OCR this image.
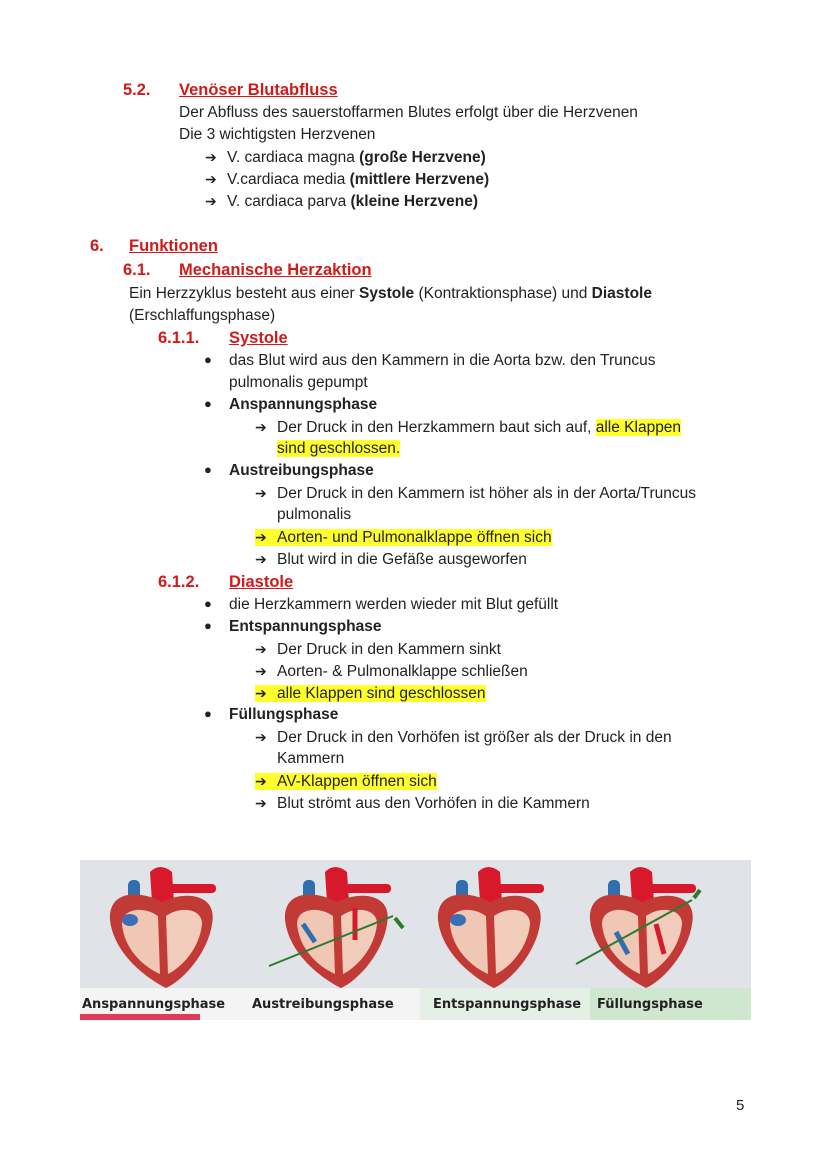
5.2. Venöser Blutabfluss
Der Abfluss des sauerstoffarmen Blutes erfolgt über die Herzvenen
Die 3 wichtigsten Herzvenen
➔ V. cardiaca magna (große Herzvene)
➔ V.cardiaca media (mittlere Herzvene)
➔ V. cardiaca parva (kleine Herzvene)
6. Funktionen
6.1. Mechanische Herzaktion
Ein Herzzyklus besteht aus einer Systole (Kontraktionsphase) und Diastole
(Erschlaffungsphase)
6.1.1. Systole
● das Blut wird aus den Kammern in die Aorta bzw. den Truncus
pulmonalis gepumpt
● Anspannungsphase
➔ Der Druck in den Herzkammern baut sich auf, alle Klappen
sind geschlossen.
● Austreibungsphase
➔ Der Druck in den Kammern ist höher als in der Aorta/Truncus
pulmonalis
➔ Aorten- und Pulmonalklappe öffnen sich
➔ Blut wird in die Gefäße ausgeworfen
6.1.2. Diastole
● die Herzkammern werden wieder mit Blut gefüllt
● Entspannungsphase
➔ Der Druck in den Kammern sinkt
➔ Aorten- & Pulmonalklappe schließen
➔ alle Klappen sind geschlossen
● Füllungsphase
➔ Der Druck in den Vorhöfen ist größer als der Druck in den
Kammern
➔ AV-Klappen öffnen sich
➔ Blut strömt aus den Vorhöfen in die Kammern
Anspannungsphase Austreibungsphase	Entspannungsphase Füllungsphase
5
